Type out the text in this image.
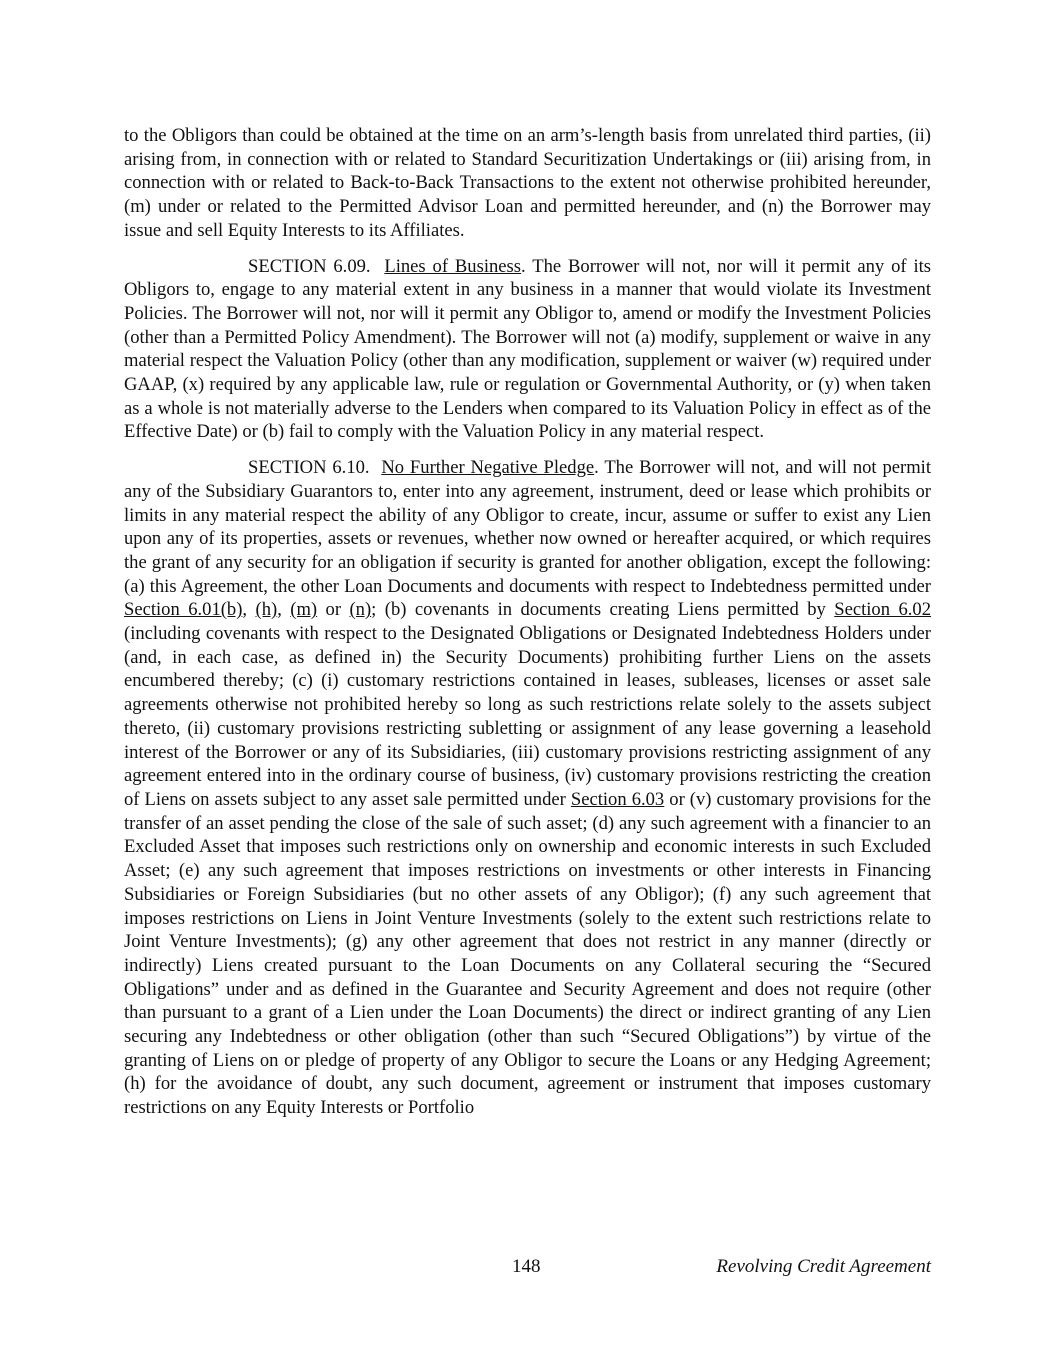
to the Obligors than could be obtained at the time on an arm’s-length basis from unrelated third parties, (ii) arising from, in connection with or related to Standard Securitization Undertakings or (iii) arising from, in connection with or related to Back-to-Back Transactions to the extent not otherwise prohibited hereunder, (m) under or related to the Permitted Advisor Loan and permitted hereunder, and (n) the Borrower may issue and sell Equity Interests to its Affiliates.

SECTION 6.09. Lines of Business. The Borrower will not, nor will it permit any of its Obligors to, engage to any material extent in any business in a manner that would violate its Investment Policies. The Borrower will not, nor will it permit any Obligor to, amend or modify the Investment Policies (other than a Permitted Policy Amendment). The Borrower will not (a) modify, supplement or waive in any material respect the Valuation Policy (other than any modification, supplement or waiver (w) required under GAAP, (x) required by any applicable law, rule or regulation or Governmental Authority, or (y) when taken as a whole is not materially adverse to the Lenders when compared to its Valuation Policy in effect as of the Effective Date) or (b) fail to comply with the Valuation Policy in any material respect.

SECTION 6.10. No Further Negative Pledge. The Borrower will not, and will not permit any of the Subsidiary Guarantors to, enter into any agreement, instrument, deed or lease which prohibits or limits in any material respect the ability of any Obligor to create, incur, assume or suffer to exist any Lien upon any of its properties, assets or revenues, whether now owned or hereafter acquired, or which requires the grant of any security for an obligation if security is granted for another obligation, except the following: (a) this Agreement, the other Loan Documents and documents with respect to Indebtedness permitted under Section 6.01(b), (h), (m) or (n); (b) covenants in documents creating Liens permitted by Section 6.02 (including covenants with respect to the Designated Obligations or Designated Indebtedness Holders under (and, in each case, as defined in) the Security Documents) prohibiting further Liens on the assets encumbered thereby; (c) (i) customary restrictions contained in leases, subleases, licenses or asset sale agreements otherwise not prohibited hereby so long as such restrictions relate solely to the assets subject thereto, (ii) customary provisions restricting subletting or assignment of any lease governing a leasehold interest of the Borrower or any of its Subsidiaries, (iii) customary provisions restricting assignment of any agreement entered into in the ordinary course of business, (iv) customary provisions restricting the creation of Liens on assets subject to any asset sale permitted under Section 6.03 or (v) customary provisions for the transfer of an asset pending the close of the sale of such asset; (d) any such agreement with a financier to an Excluded Asset that imposes such restrictions only on ownership and economic interests in such Excluded Asset; (e) any such agreement that imposes restrictions on investments or other interests in Financing Subsidiaries or Foreign Subsidiaries (but no other assets of any Obligor); (f) any such agreement that imposes restrictions on Liens in Joint Venture Investments (solely to the extent such restrictions relate to Joint Venture Investments); (g) any other agreement that does not restrict in any manner (directly or indirectly) Liens created pursuant to the Loan Documents on any Collateral securing the “Secured Obligations” under and as defined in the Guarantee and Security Agreement and does not require (other than pursuant to a grant of a Lien under the Loan Documents) the direct or indirect granting of any Lien securing any Indebtedness or other obligation (other than such “Secured Obligations”) by virtue of the granting of Liens on or pledge of property of any Obligor to secure the Loans or any Hedging Agreement; (h) for the avoidance of doubt, any such document, agreement or instrument that imposes customary restrictions on any Equity Interests or Portfolio

148	Revolving Credit Agreement
